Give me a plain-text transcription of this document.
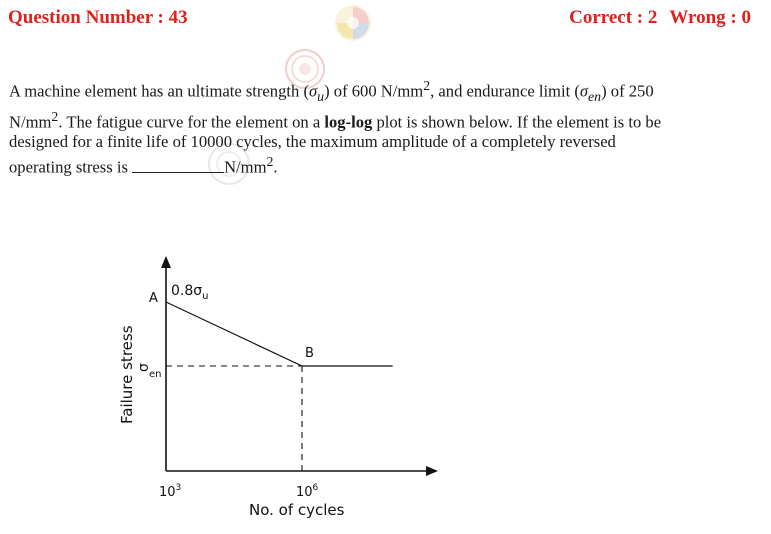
Question Number : 43	Correct : 2 Wrong : 0
A machine element has an ultimate strength $(\sigma_u)$ of 600 $N/mm^2$, and endurance limit $(\sigma_{en})$ of 250
$N/mm^2$. The fatigue curve for the element on a log-log plot is shown below. If the element is to be
designed for a finite life of 10000 cycles, the maximum amplitude of a completely reversed
operating stress is	$N/mm^2$.
A
B
$0.8\sigma_u$
σ
en
Failure stress
$10^3$	$10^6$
No. of cycles
